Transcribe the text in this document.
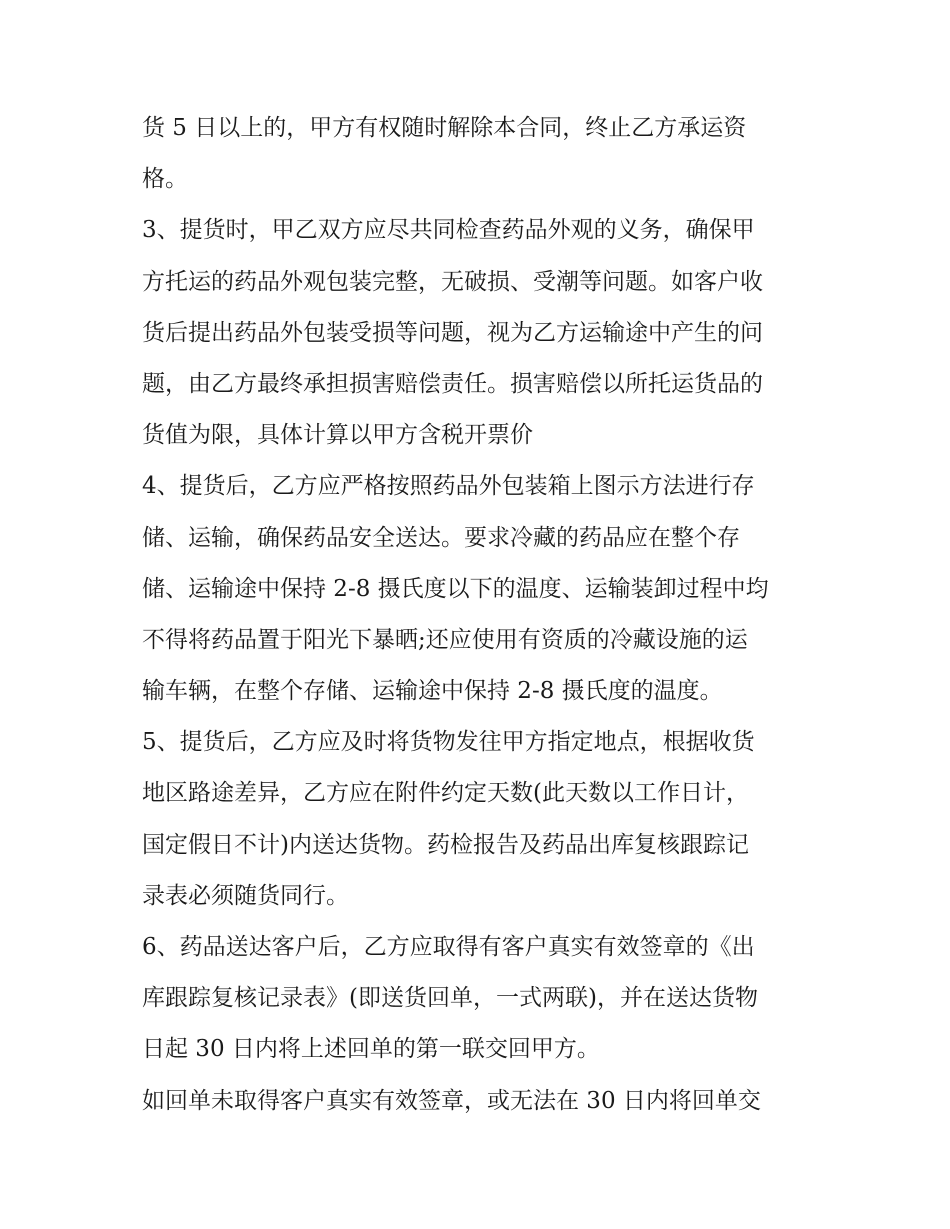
货 5 日以上的，甲方有权随时解除本合同，终止乙方承运资
格。
3、提货时，甲乙双方应尽共同检查药品外观的义务，确保甲
方托运的药品外观包装完整，无破损、受潮等问题。如客户收
货后提出药品外包装受损等问题，视为乙方运输途中产生的问
题，由乙方最终承担损害赔偿责任。损害赔偿以所托运货品的
货值为限，具体计算以甲方含税开票价
4、提货后，乙方应严格按照药品外包装箱上图示方法进行存
储、运输，确保药品安全送达。要求冷藏的药品应在整个存
储、运输途中保持 2-8 摄氏度以下的温度、运输装卸过程中均
不得将药品置于阳光下暴晒;还应使用有资质的冷藏设施的运
输车辆，在整个存储、运输途中保持 2-8 摄氏度的温度。
5、提货后，乙方应及时将货物发往甲方指定地点，根据收货
地区路途差异，乙方应在附件约定天数(此天数以工作日计，
国定假日不计)内送达货物。药检报告及药品出库复核跟踪记
录表必须随货同行。
6、药品送达客户后，乙方应取得有客户真实有效签章的《出
库跟踪复核记录表》(即送货回单，一式两联)，并在送达货物
日起 30 日内将上述回单的第一联交回甲方。
如回单未取得客户真实有效签章，或无法在 30 日内将回单交
